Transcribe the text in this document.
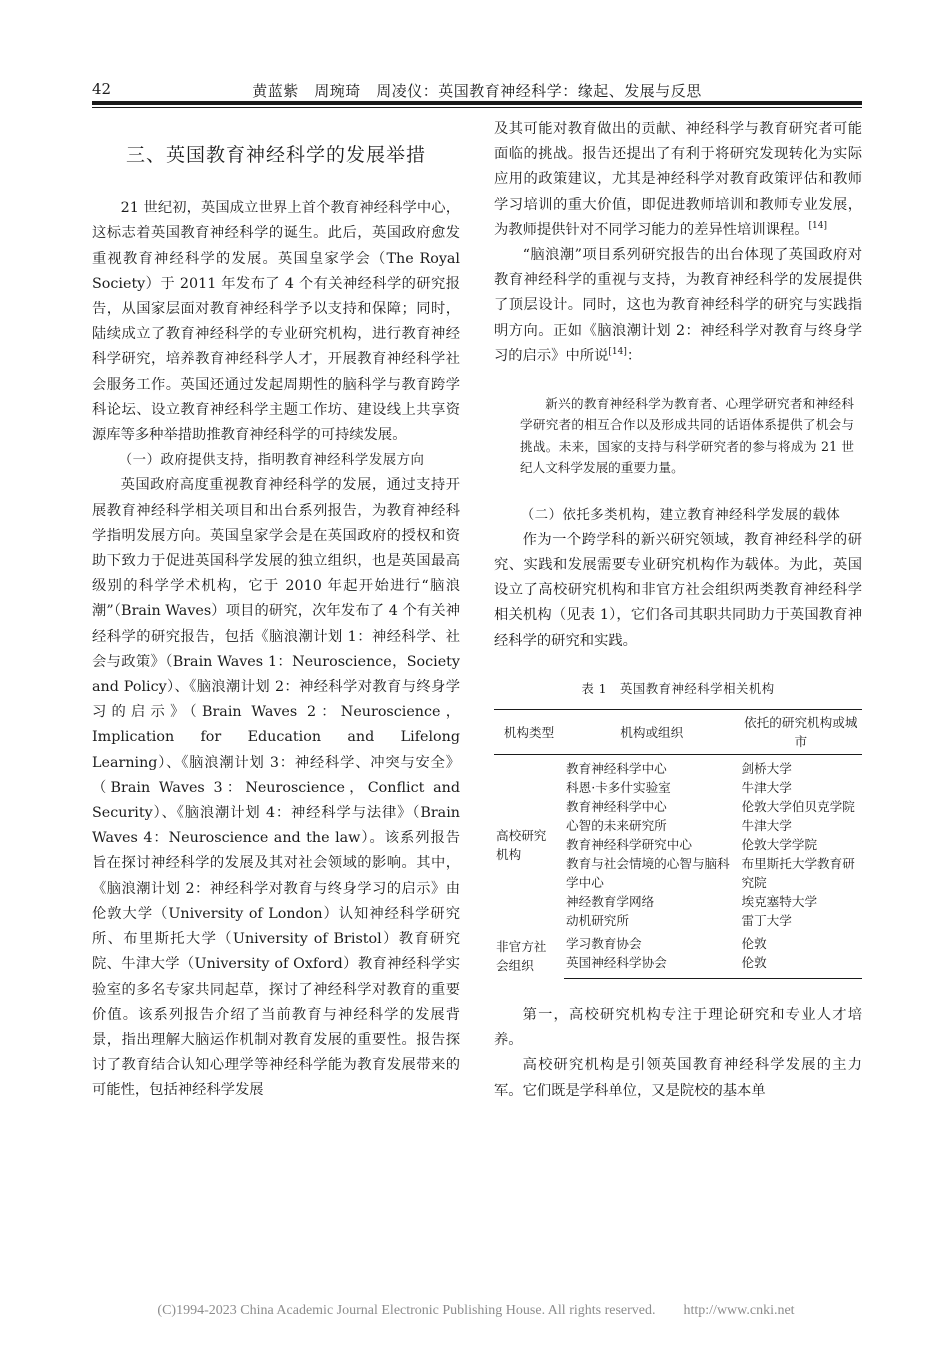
42	黄蓝紫　周琬琦　周凌仪：英国教育神经科学：缘起、发展与反思
三、英国教育神经科学的发展举措

21 世纪初，英国成立世界上首个教育神经科学中心，这标志着英国教育神经科学的诞生。此后，英国政府愈发重视教育神经科学的发展。英国皇家学会（The Royal Society）于 2011 年发布了 4 个有关神经科学的研究报告，从国家层面对教育神经科学予以支持和保障；同时，陆续成立了教育神经科学的专业研究机构，进行教育神经科学研究，培养教育神经科学人才，开展教育神经科学社会服务工作。英国还通过发起周期性的脑科学与教育跨学科论坛、设立教育神经科学主题工作坊、建设线上共享资源库等多种举措助推教育神经科学的可持续发展。

（一）政府提供支持，指明教育神经科学发展方向

英国政府高度重视教育神经科学的发展，通过支持开展教育神经科学相关项目和出台系列报告，为教育神经科学指明发展方向。英国皇家学会是在英国政府的授权和资助下致力于促进英国科学发展的独立组织，也是英国最高级别的科学学术机构，它于 2010 年起开始进行“脑浪潮”（Brain Waves）项目的研究，次年发布了 4 个有关神经科学的研究报告，包括《脑浪潮计划 1：神经科学、社会与政策》（Brain Waves 1：Neuroscience，Society and Policy）、《脑浪潮计划 2：神经科学对教育与终身学习的启示》（Brain Waves 2：Neuroscience，Implication for Education and Lifelong Learning）、《脑浪潮计划 3：神经科学、冲突与安全》（Brain Waves 3：Neuroscience，Conflict and Security）、《脑浪潮计划 4：神经科学与法律》（Brain Waves 4：Neuroscience and the law）。该系列报告旨在探讨神经科学的发展及其对社会领域的影响。其中，《脑浪潮计划 2：神经科学对教育与终身学习的启示》由伦敦大学（University of London）认知神经科学研究所、布里斯托大学（University of Bristol）教育研究院、牛津大学（University of Oxford）教育神经科学实验室的多名专家共同起草，探讨了神经科学对教育的重要价值。该系列报告介绍了当前教育与神经科学的发展背景，指出理解大脑运作机制对教育发展的重要性。报告探讨了教育结合认知心理学等神经科学能为教育发展带来的可能性，包括神经科学发展

及其可能对教育做出的贡献、神经科学与教育研究者可能面临的挑战。报告还提出了有利于将研究发现转化为实际应用的政策建议，尤其是神经科学对教育政策评估和教师学习培训的重大价值，即促进教师培训和教师专业发展，为教师提供针对不同学习能力的差异性培训课程。[14]

“脑浪潮”项目系列研究报告的出台体现了英国政府对教育神经科学的重视与支持，为教育神经科学的发展提供了顶层设计。同时，这也为教育神经科学的研究与实践指明方向。正如《脑浪潮计划 2：神经科学对教育与终身学习的启示》中所说[14]：

新兴的教育神经科学为教育者、心理学研究者和神经科学研究者的相互合作以及形成共同的话语体系提供了机会与挑战。未来，国家的支持与科学研究者的参与将成为 21 世纪人文科学发展的重要力量。

（二）依托多类机构，建立教育神经科学发展的载体

作为一个跨学科的新兴研究领域，教育神经科学的研究、实践和发展需要专业研究机构作为载体。为此，英国设立了高校研究机构和非官方社会组织两类教育神经科学相关机构（见表 1），它们各司其职共同助力于英国教育神经科学的研究和实践。

表 1　英国教育神经科学相关机构
机构类型	机构或组织	依托的研究机构或城市

高校研究
机构	教育神经科学中心	剑桥大学
	科恩·卡多什实验室	牛津大学
	教育神经科学中心	伦敦大学伯贝克学院
	心智的未来研究所	牛津大学
	教育神经科学研究中心	伦敦大学学院
	教育与社会情境的心智与脑科学中心	布里斯托大学教育研究院
	神经教育学网络	埃克塞特大学
	动机研究所	雷丁大学

非官方社
会组织	学习教育协会	伦敦
	英国神经科学协会	伦敦

第一，高校研究机构专注于理论研究和专业人才培养。

高校研究机构是引领英国教育神经科学发展的主力军。它们既是学科单位，又是院校的基本单

(C)1994-2023 China Academic Journal Electronic Publishing House. All rights reserved.　　http://www.cnki.net
